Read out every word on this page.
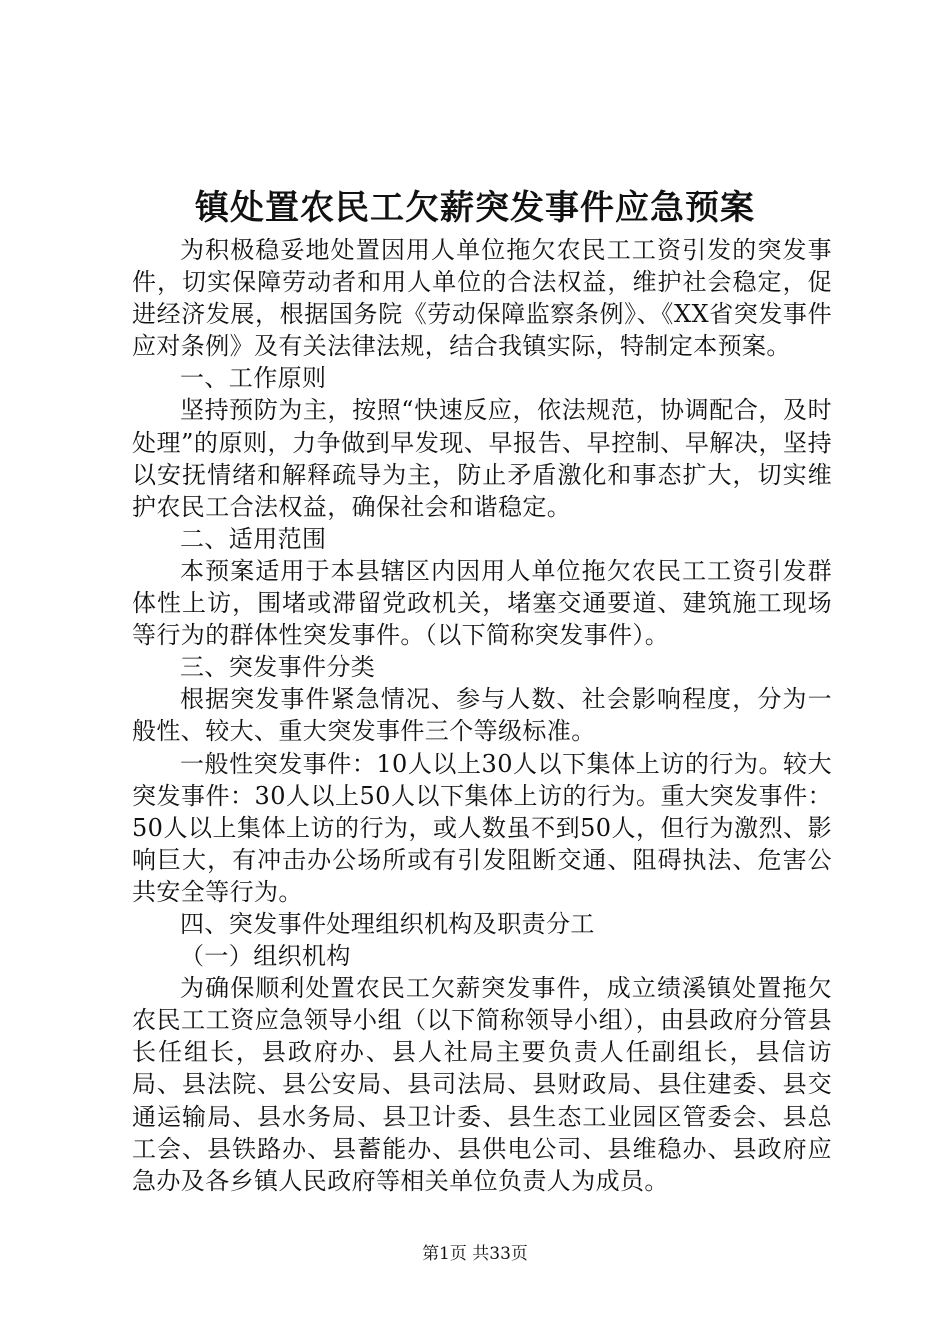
镇处置农民工欠薪突发事件应急预案

为积极稳妥地处置因用人单位拖欠农民工工资引发的突发事件，切实保障劳动者和用人单位的合法权益，维护社会稳定，促进经济发展，根据国务院《劳动保障监察条例》、《XX省突发事件应对条例》及有关法律法规，结合我镇实际，特制定本预案。

一、工作原则

坚持预防为主，按照“快速反应，依法规范，协调配合，及时处理”的原则，力争做到早发现、早报告、早控制、早解决，坚持以安抚情绪和解释疏导为主，防止矛盾激化和事态扩大，切实维护农民工合法权益，确保社会和谐稳定。

二、适用范围

本预案适用于本县辖区内因用人单位拖欠农民工工资引发群体性上访，围堵或滞留党政机关，堵塞交通要道、建筑施工现场等行为的群体性突发事件。（以下简称突发事件）。

三、突发事件分类

根据突发事件紧急情况、参与人数、社会影响程度，分为一般性、较大、重大突发事件三个等级标准。

一般性突发事件：10人以上30人以下集体上访的行为。较大突发事件：30人以上50人以下集体上访的行为。重大突发事件：50人以上集体上访的行为，或人数虽不到50人，但行为激烈、影响巨大，有冲击办公场所或有引发阻断交通、阻碍执法、危害公共安全等行为。

四、突发事件处理组织机构及职责分工

（一）组织机构

为确保顺利处置农民工欠薪突发事件，成立绩溪镇处置拖欠农民工工资应急领导小组（以下简称领导小组），由县政府分管县长任组长，县政府办、县人社局主要负责人任副组长，县信访局、县法院、县公安局、县司法局、县财政局、县住建委、县交通运输局、县水务局、县卫计委、县生态工业园区管委会、县总工会、县铁路办、县蓄能办、县供电公司、县维稳办、县政府应急办及各乡镇人民政府等相关单位负责人为成员。

第1页 共33页
